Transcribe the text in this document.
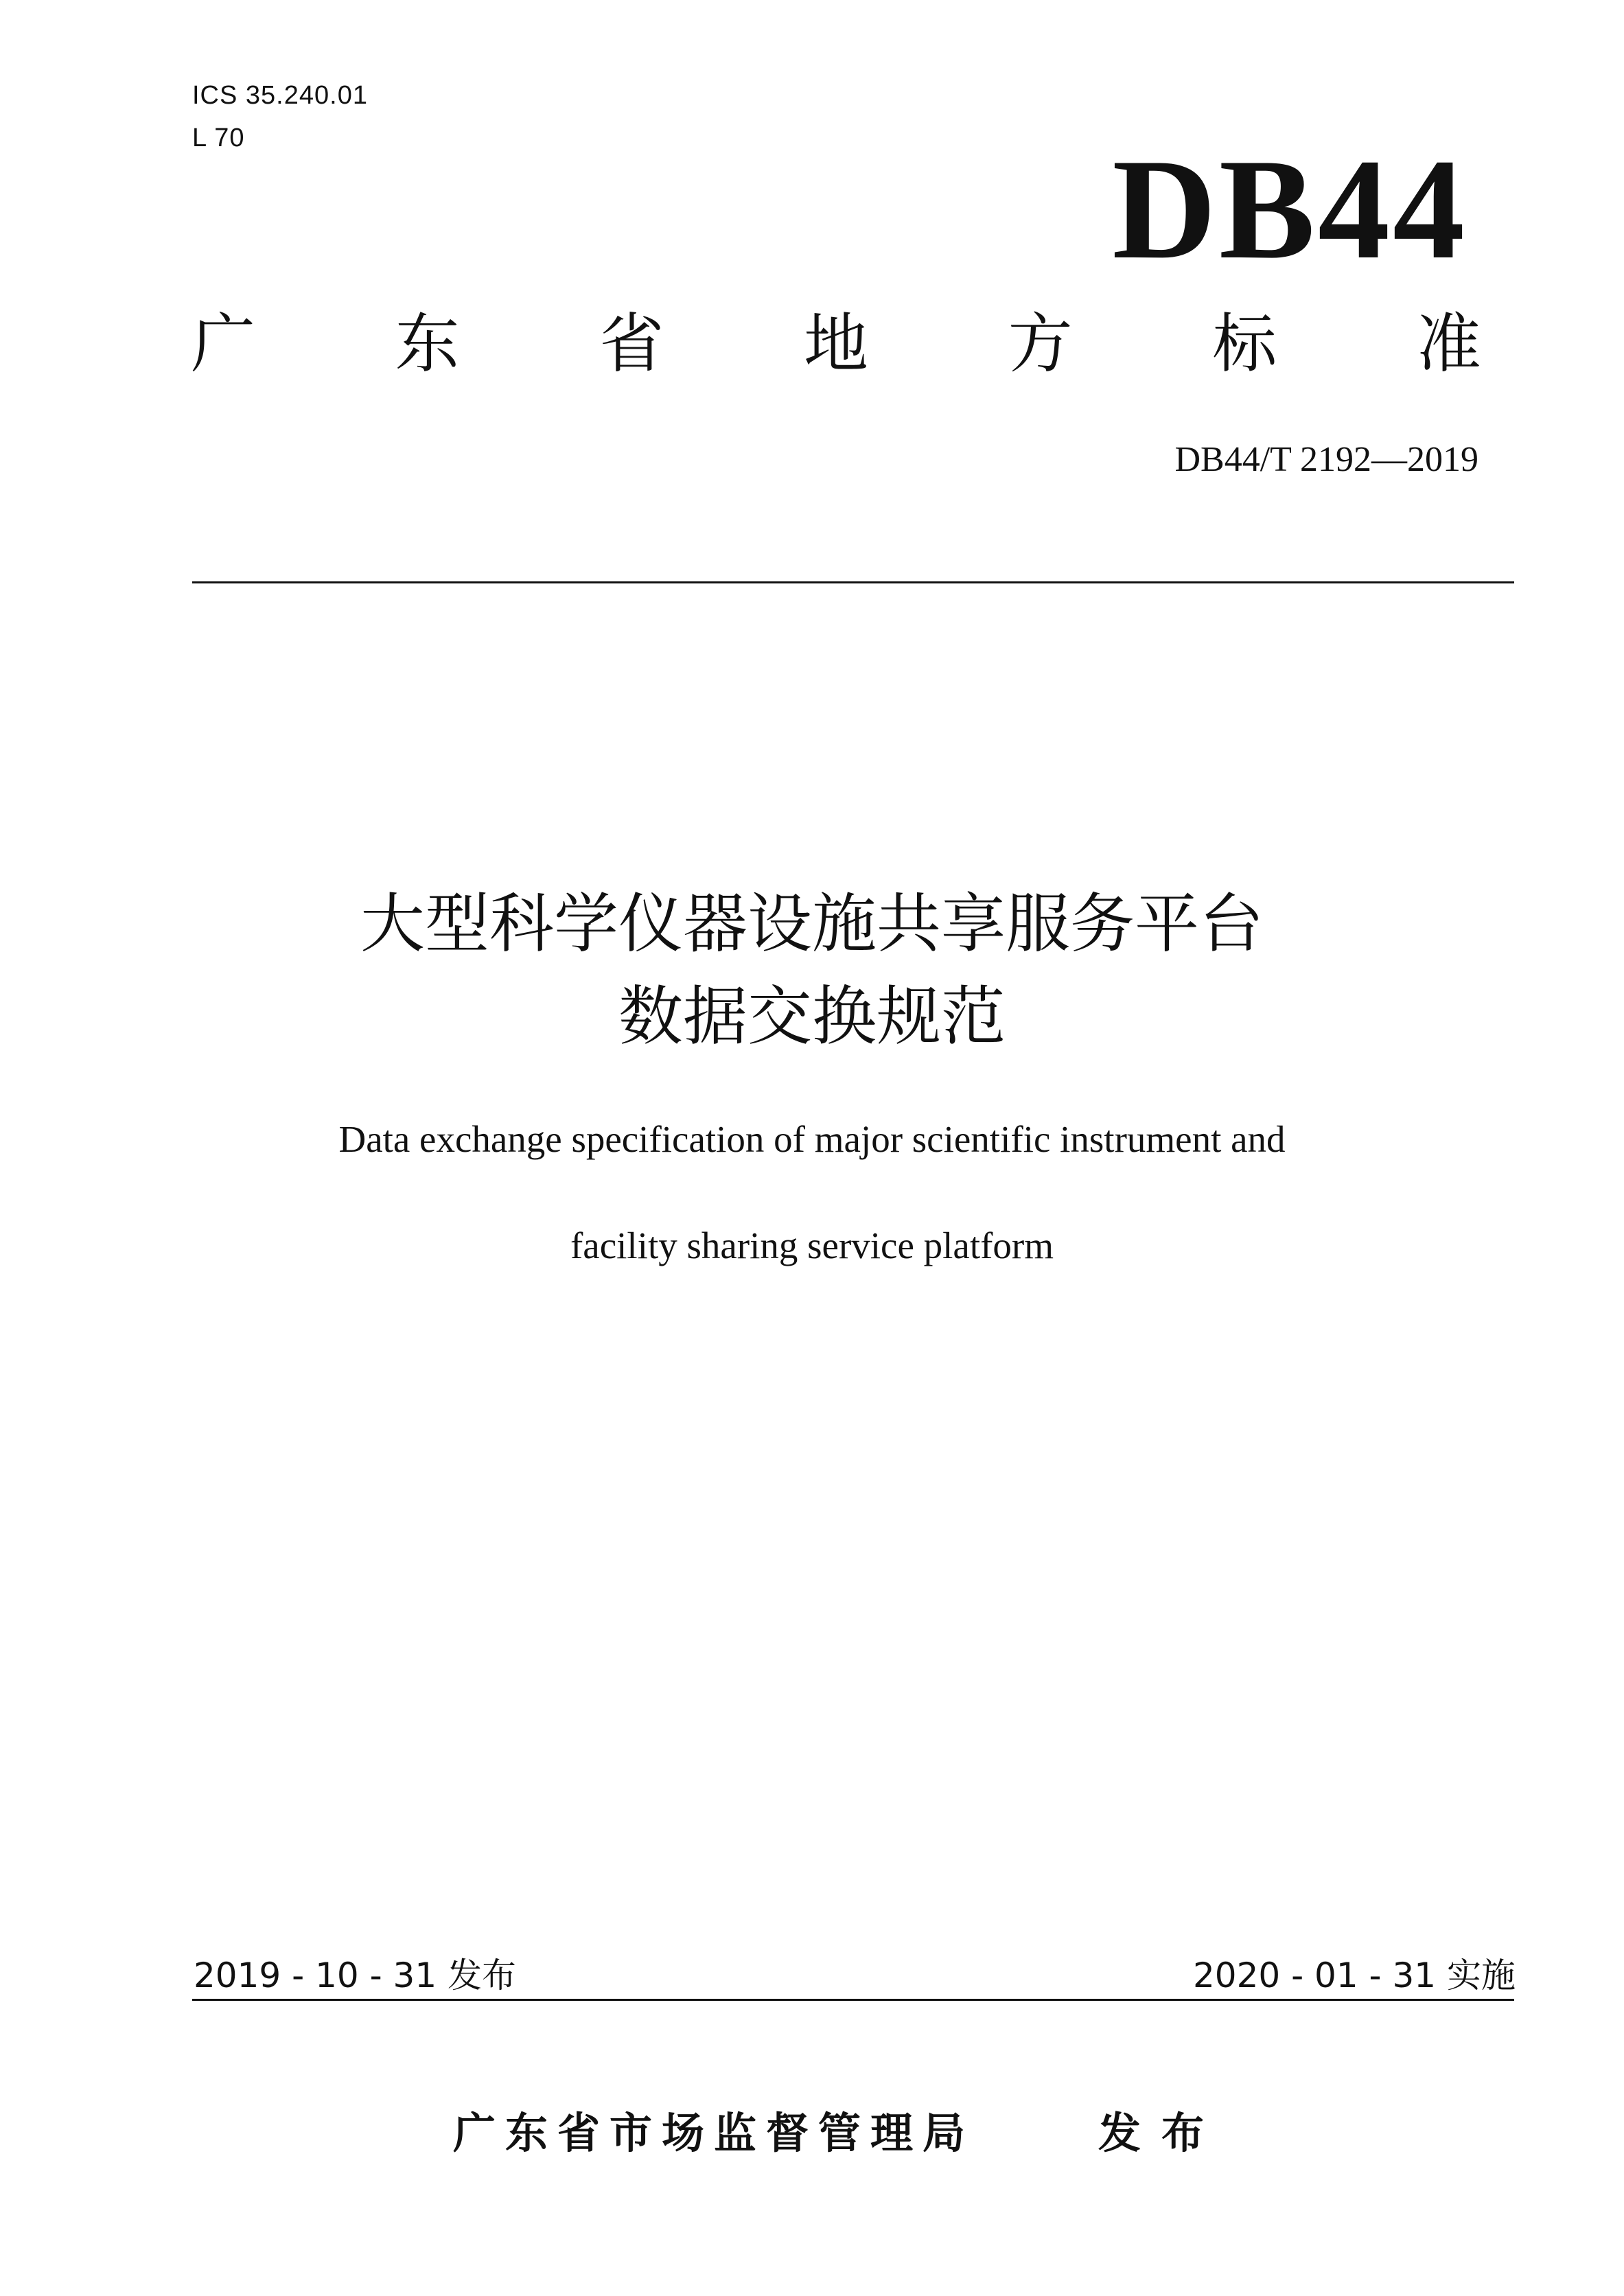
ICS 35.240.01
L 70	DB44
广 东 省 地 方 标 准
DB44/T 2192—2019
大型科学仪器设施共享服务平台
数据交换规范
Data exchange specification of major scientific instrument and
facility sharing service platform
2019 - 10 - 31 发布	2020 - 01 - 31 实施
广东省市场监督管理局	发布
